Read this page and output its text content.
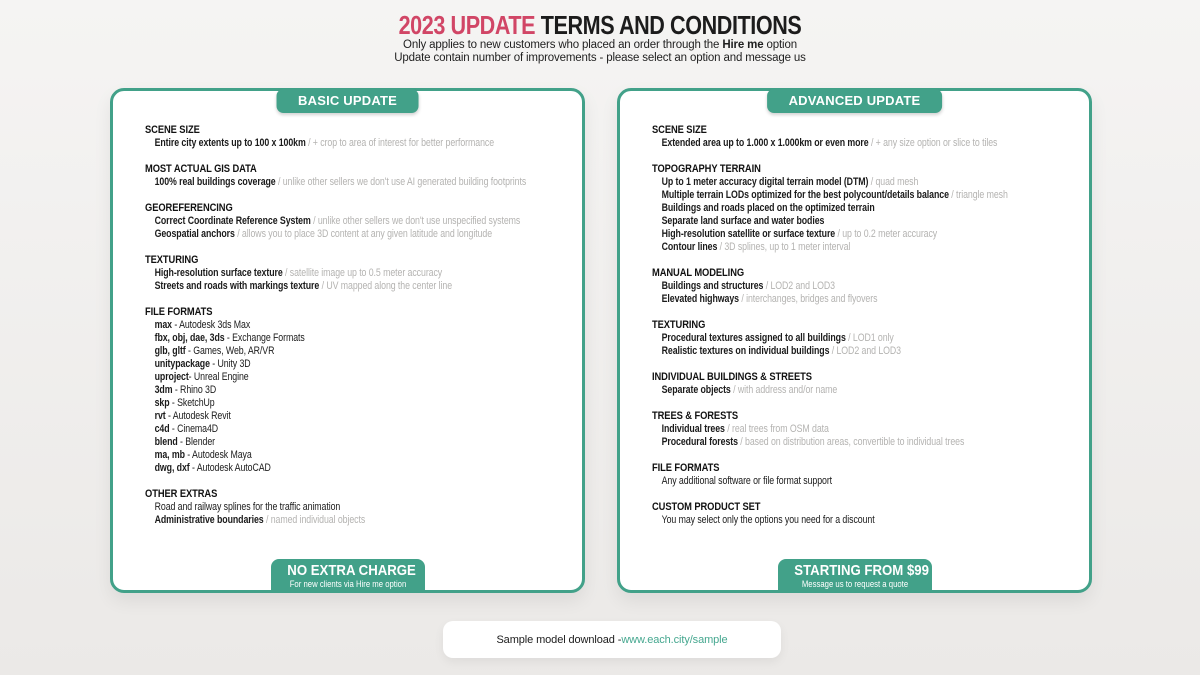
2023 UPDATE TERMS AND CONDITIONS
Only applies to new customers who placed an order through the Hire me option
Update contain number of improvements - please select an option and message us
BASIC UPDATE
SCENE SIZE
Entire city extents up to 100 x 100km / + crop to area of interest for better performance
MOST ACTUAL GIS DATA
100% real buildings coverage / unlike other sellers we don't use AI generated building footprints
GEOREFERENCING
Correct Coordinate Reference System / unlike other sellers we don't use unspecified systems
Geospatial anchors / allows you to place 3D content at any given latitude and longitude
TEXTURING
High-resolution surface texture / satellite image up to 0.5 meter accuracy
Streets and roads with markings texture / UV mapped along the center line
FILE FORMATS
max - Autodesk 3ds Max
fbx, obj, dae, 3ds - Exchange Formats
glb, gltf - Games, Web, AR/VR
unitypackage - Unity 3D
uproject- Unreal Engine
3dm - Rhino 3D
skp - SketchUp
rvt - Autodesk Revit
c4d - Cinema4D
blend - Blender
ma, mb - Autodesk Maya
dwg, dxf - Autodesk AutoCAD
OTHER EXTRAS
Road and railway splines for the traffic animation
Administrative boundaries / named individual objects
NO EXTRA CHARGE
For new clients via Hire me option
ADVANCED UPDATE
SCENE SIZE
Extended area up to 1.000 x 1.000km or even more / + any size option or slice to tiles
TOPOGRAPHY TERRAIN
Up to 1 meter accuracy digital terrain model (DTM) / quad mesh
Multiple terrain LODs optimized for the best polycount/details balance / triangle mesh
Buildings and roads placed on the optimized terrain
Separate land surface and water bodies
High-resolution satellite or surface texture / up to 0.2 meter accuracy
Contour lines / 3D splines, up to 1 meter interval
MANUAL MODELING
Buildings and structures / LOD2 and LOD3
Elevated highways / interchanges, bridges and flyovers
TEXTURING
Procedural textures assigned to all buildings / LOD1 only
Realistic textures on individual buildings / LOD2 and LOD3
INDIVIDUAL BUILDINGS & STREETS
Separate objects / with address and/or name
TREES & FORESTS
Individual trees / real trees from OSM data
Procedural forests / based on distribution areas, convertible to individual trees
FILE FORMATS
Any additional software or file format support
CUSTOM PRODUCT SET
You may select only the options you need for a discount
STARTING FROM $99
Message us to request a quote
Sample model download - www.each.city/sample
